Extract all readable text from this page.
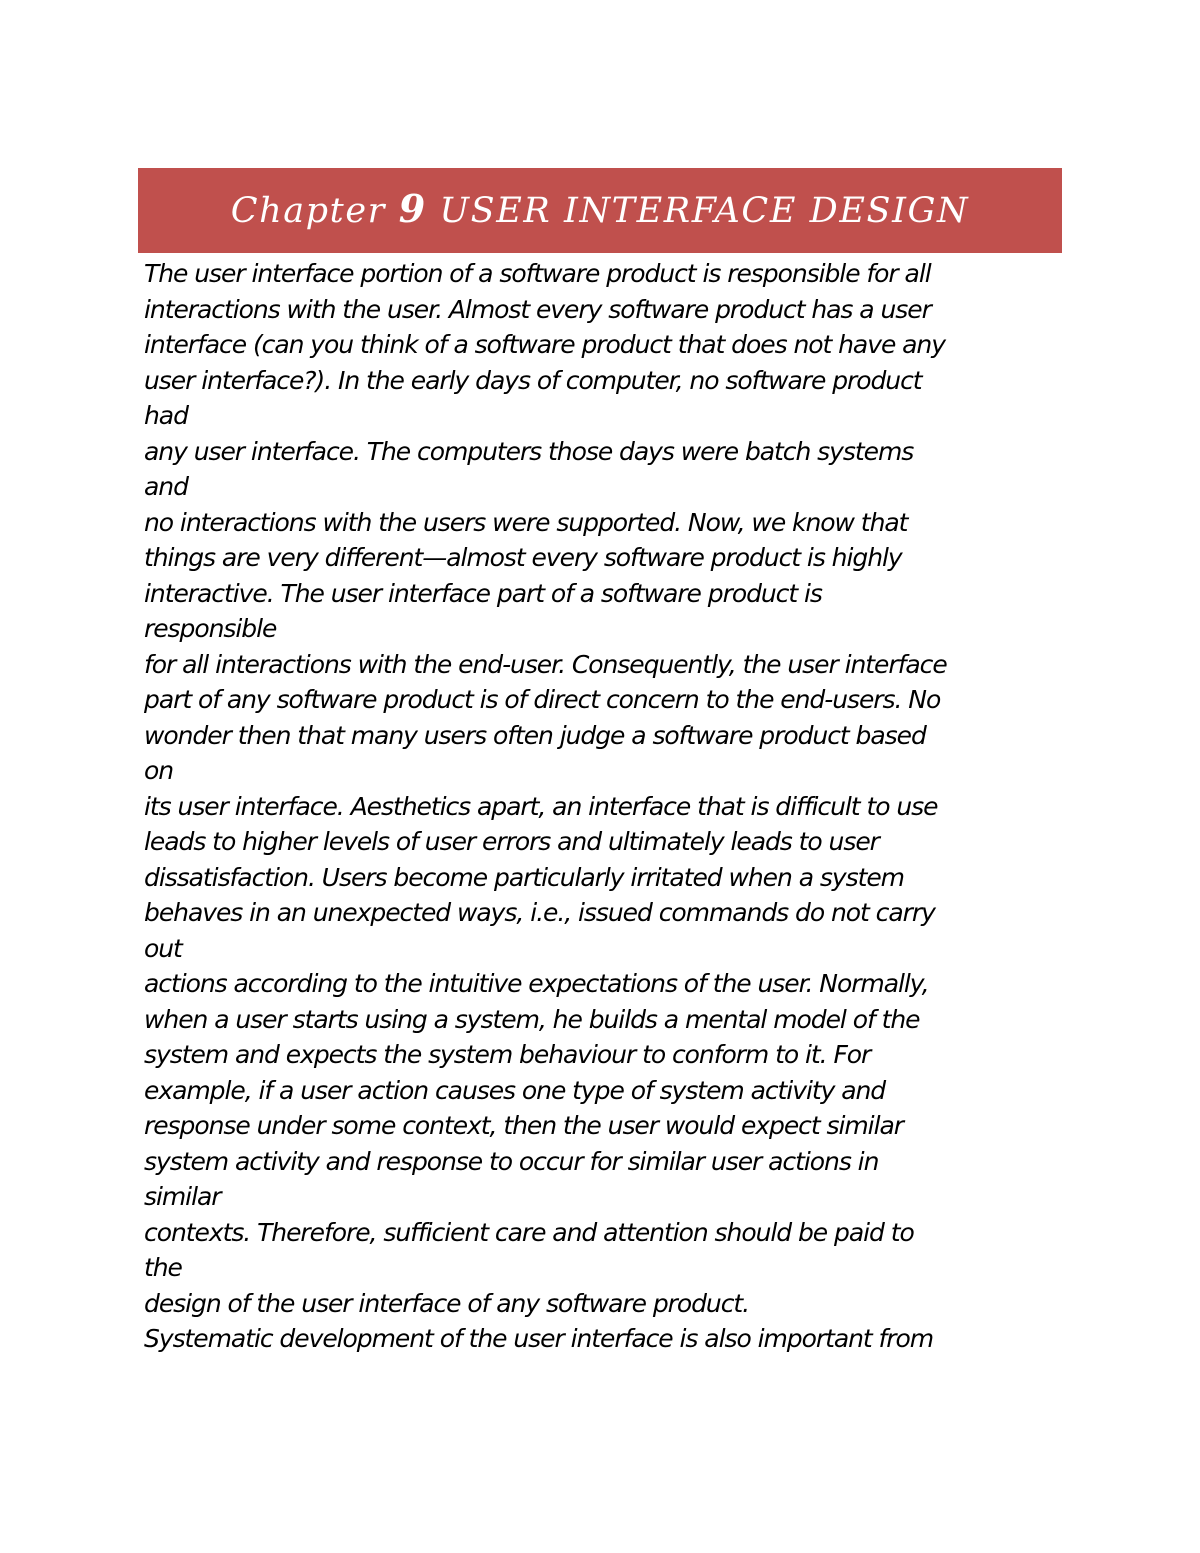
Chapter 9 USER INTERFACE DESIGN
The user interface portion of a software product is responsible for all
interactions with the user. Almost every software product has a user
interface (can you think of a software product that does not have any
user interface?). In the early days of computer, no software product
had
any user interface. The computers those days were batch systems
and
no interactions with the users were supported. Now, we know that
things are very different—almost every software product is highly
interactive. The user interface part of a software product is
responsible
for all interactions with the end-user. Consequently, the user interface
part of any software product is of direct concern to the end-users. No
wonder then that many users often judge a software product based
on
its user interface. Aesthetics apart, an interface that is difficult to use
leads to higher levels of user errors and ultimately leads to user
dissatisfaction. Users become particularly irritated when a system
behaves in an unexpected ways, i.e., issued commands do not carry
out
actions according to the intuitive expectations of the user. Normally,
when a user starts using a system, he builds a mental model of the
system and expects the system behaviour to conform to it. For
example, if a user action causes one type of system activity and
response under some context, then the user would expect similar
system activity and response to occur for similar user actions in
similar
contexts. Therefore, sufficient care and attention should be paid to
the
design of the user interface of any software product.
Systematic development of the user interface is also important from
